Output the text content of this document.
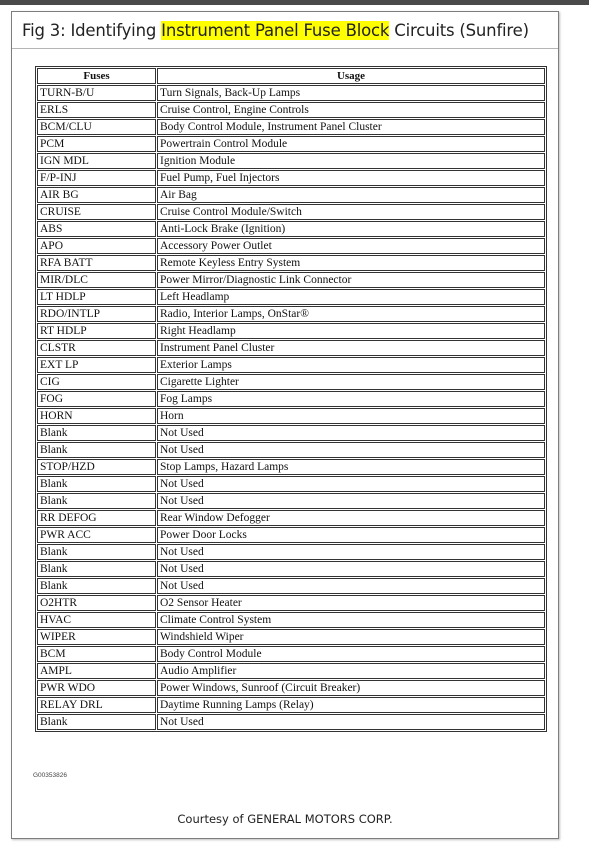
Fig 3: Identifying Instrument Panel Fuse Block Circuits (Sunfire)
Fuses	Usage
TURN-B/U	Turn Signals, Back-Up Lamps
ERLS	Cruise Control, Engine Controls
BCM/CLU	Body Control Module, Instrument Panel Cluster
PCM	Powertrain Control Module
IGN MDL	Ignition Module
F/P-INJ	Fuel Pump, Fuel Injectors
AIR BG	Air Bag
CRUISE	Cruise Control Module/Switch
ABS	Anti-Lock Brake (Ignition)
APO	Accessory Power Outlet
RFA BATT	Remote Keyless Entry System
MIR/DLC	Power Mirror/Diagnostic Link Connector
LT HDLP	Left Headlamp
RDO/INTLP	Radio, Interior Lamps, OnStar®
RT HDLP	Right Headlamp
CLSTR	Instrument Panel Cluster
EXT LP	Exterior Lamps
CIG	Cigarette Lighter
FOG	Fog Lamps
HORN	Horn
Blank	Not Used
Blank	Not Used
STOP/HZD	Stop Lamps, Hazard Lamps
Blank	Not Used
Blank	Not Used
RR DEFOG	Rear Window Defogger
PWR ACC	Power Door Locks
Blank	Not Used
Blank	Not Used
Blank	Not Used
O2HTR	O2 Sensor Heater
HVAC	Climate Control System
WIPER	Windshield Wiper
BCM	Body Control Module
AMPL	Audio Amplifier
PWR WDO	Power Windows, Sunroof (Circuit Breaker)
RELAY DRL	Daytime Running Lamps (Relay)
Blank	Not Used
G00353826
Courtesy of GENERAL MOTORS CORP.
